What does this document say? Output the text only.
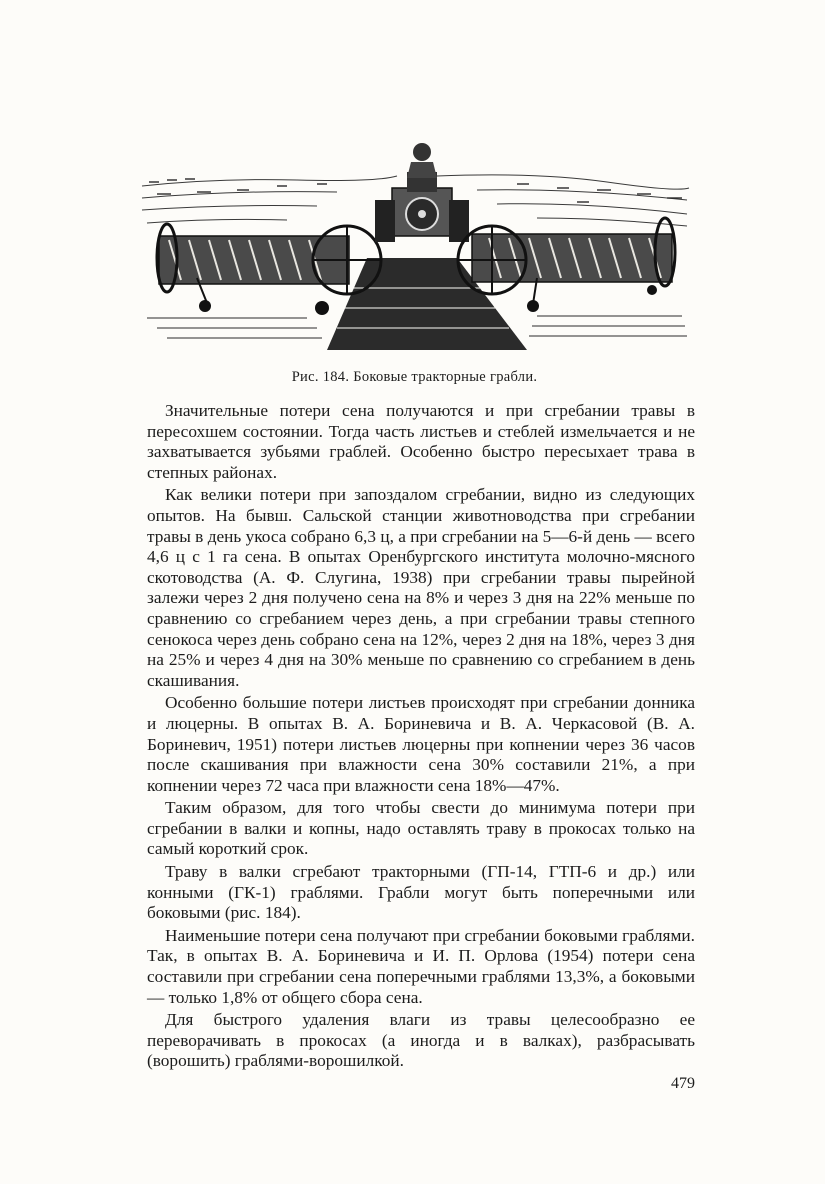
Рис. 184. Боковые тракторные грабли.

Значительные потери сена получаются и при сгребании травы в пересохшем состоянии. Тогда часть листьев и стеблей измельчается и не захватывается зубьями граблей. Особенно быстро пересыхает трава в степных районах.

Как велики потери при запоздалом сгребании, видно из следующих опытов. На бывш. Сальской станции животноводства при сгребании травы в день укоса собрано 6,3 ц, а при сгребании на 5—6-й день — всего 4,6 ц с 1 га сена. В опытах Оренбургского института молочно-мясного скотоводства (А. Ф. Слугина, 1938) при сгребании травы пырейной залежи через 2 дня получено сена на 8% и через 3 дня на 22% меньше по сравнению со сгребанием через день, а при сгребании травы степного сенокоса через день собрано сена на 12%, через 2 дня на 18%, через 3 дня на 25% и через 4 дня на 30% меньше по сравнению со сгребанием в день скашивания.

Особенно большие потери листьев происходят при сгребании донника и люцерны. В опытах В. А. Бориневича и В. А. Черкасовой (В. А. Бориневич, 1951) потери листьев люцерны при копнении через 36 часов после скашивания при влажности сена 30% составили 21%, а при копнении через 72 часа при влажности сена 18%—47%.

Таким образом, для того чтобы свести до минимума потери при сгребании в валки и копны, надо оставлять траву в прокосах только на самый короткий срок.

Траву в валки сгребают тракторными (ГП-14, ГТП-6 и др.) или конными (ГК-1) граблями. Грабли могут быть поперечными или боковыми (рис. 184).

Наименьшие потери сена получают при сгребании боковыми граблями. Так, в опытах В. А. Бориневича и И. П. Орлова (1954) потери сена составили при сгребании сена поперечными граблями 13,3%, а боковыми — только 1,8% от общего сбора сена.

Для быстрого удаления влаги из травы целесообразно ее переворачивать в прокосах (а иногда и в валках), разбрасывать (ворошить) граблями-ворошилкой.

479
